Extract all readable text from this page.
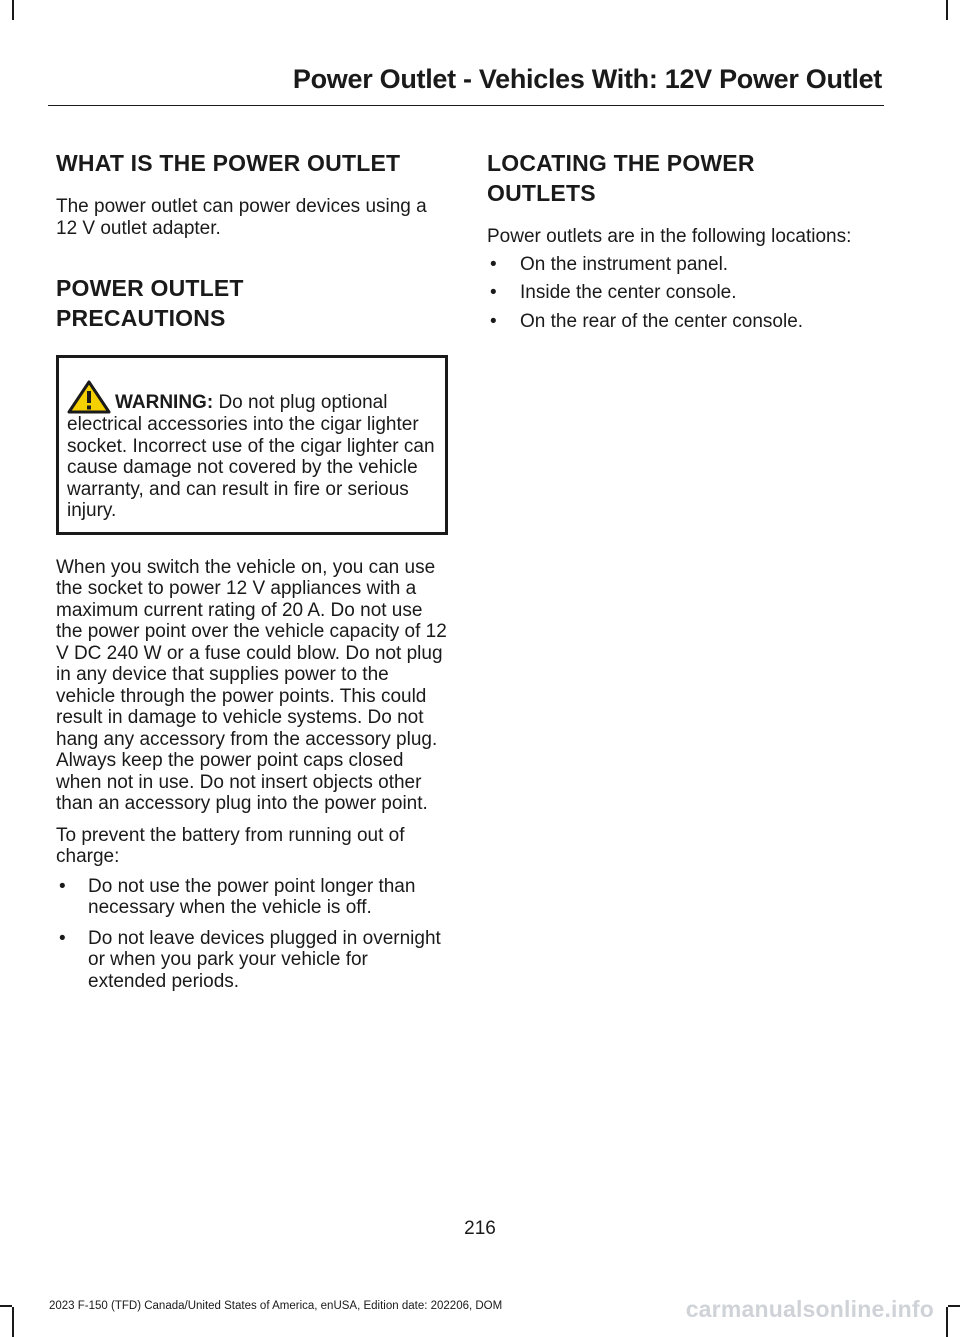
Power Outlet - Vehicles With: 12V Power Outlet
WHAT IS THE POWER OUTLET

The power outlet can power devices using a 12 V outlet adapter.

POWER OUTLET
PRECAUTIONS

WARNING: Do not plug optional electrical accessories into the cigar lighter socket. Incorrect use of the cigar lighter can cause damage not covered by the vehicle warranty, and can result in fire or serious injury.

When you switch the vehicle on, you can use the socket to power 12 V appliances with a maximum current rating of 20 A. Do not use the power point over the vehicle capacity of 12 V DC 240 W or a fuse could blow. Do not plug in any device that supplies power to the vehicle through the power points. This could result in damage to vehicle systems. Do not hang any accessory from the accessory plug. Always keep the power point caps closed when not in use. Do not insert objects other than an accessory plug into the power point.

To prevent the battery from running out of charge:

• Do not use the power point longer than necessary when the vehicle is off.
• Do not leave devices plugged in overnight or when you park your vehicle for extended periods.
LOCATING THE POWER
OUTLETS

Power outlets are in the following locations:

• On the instrument panel.
• Inside the center console.
• On the rear of the center console.
216
2023 F-150 (TFD) Canada/United States of America, enUSA, Edition date: 202206, DOM	carmanualsonline.info
